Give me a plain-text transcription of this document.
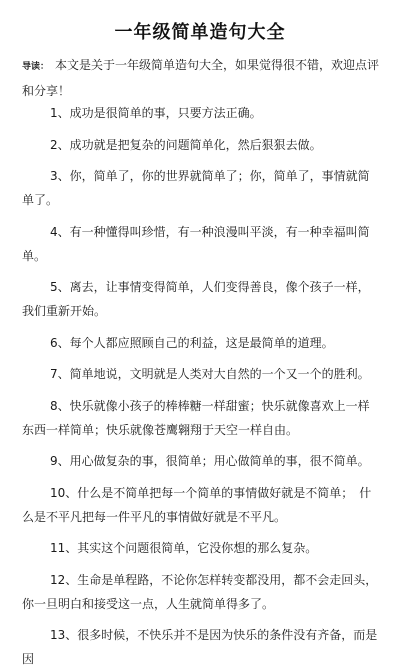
一年级简单造句大全
导读： 本文是关于一年级简单造句大全，如果觉得很不错，欢迎点评和分享！

1、成功是很简单的事，只要方法正确。

2、成功就是把复杂的问题简单化，然后狠狠去做。

3、你，简单了，你的世界就简单了；你，简单了，事情就简单了。

4、有一种懂得叫珍惜，有一种浪漫叫平淡，有一种幸福叫简单。

5、离去，让事情变得简单，人们变得善良，像个孩子一样，我们重新开始。

6、每个人都应照顾自己的利益，这是最简单的道理。

7、简单地说，文明就是人类对大自然的一个又一个的胜利。

8、快乐就像小孩子的棒棒糖一样甜蜜；快乐就像喜欢上一样东西一样简单；快乐就像苍鹰翱翔于天空一样自由。

9、用心做复杂的事，很简单；用心做简单的事，很不简单。

10、什么是不简单把每一个简单的事情做好就是不简单；　什么是不平凡把每一件平凡的事情做好就是不平凡。

11、其实这个问题很简单，它没你想的那么复杂。

12、生命是单程路，不论你怎样转变都没用，都不会走回头，你一旦明白和接受这一点，人生就简单得多了。

13、很多时候，不快乐并不是因为快乐的条件没有齐备，而是因
